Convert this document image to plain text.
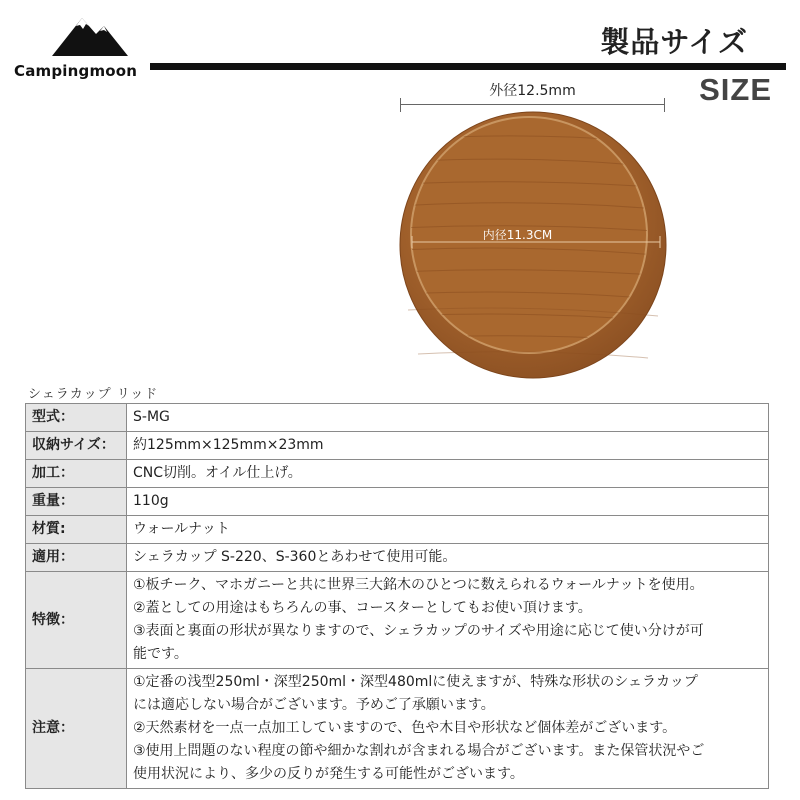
Campingmoon
製品サイズ
SIZE
外径12.5mm
内径11.3CM
シェラカップ リッド
型式：	S-MG
収納サイズ：	約125mm×125mm×23mm
加工：	CNC切削。オイル仕上げ。
重量：	110g
材質:	ウォールナット
適用：	シェラカップ S-220、S-360とあわせて使用可能。
特徴：	①板チーク、マホガニーと共に世界三大銘木のひとつに数えられるウォールナットを使用。
②蓋としての用途はもちろんの事、コースターとしてもお使い頂けます。
③表面と裏面の形状が異なりますので、シェラカップのサイズや用途に応じて使い分けが可
能です。

注意：	①定番の浅型250ml・深型250ml・深型480mlに使えますが、特殊な形状のシェラカップ
には適応しない場合がございます。予めご了承願います。
②天然素材を一点一点加工していますので、色や木目や形状など個体差がございます。
③使用上問題のない程度の節や細かな割れが含まれる場合がございます。また保管状況やご
使用状況により、多少の反りが発生する可能性がございます。
